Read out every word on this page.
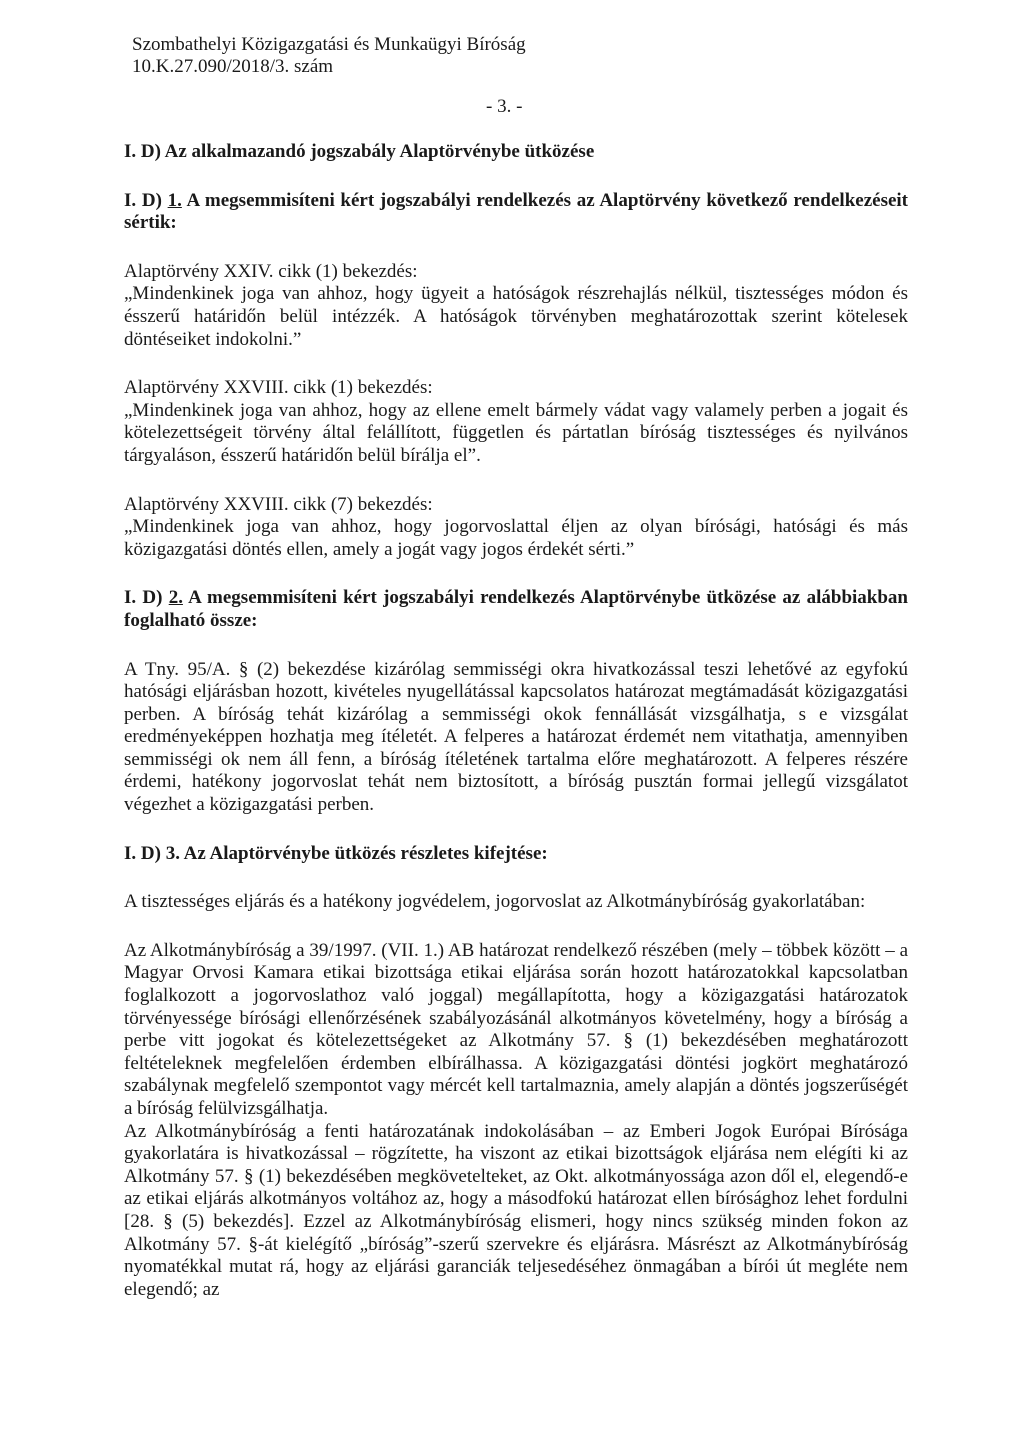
Szombathelyi Közigazgatási és Munkaügyi Bíróság
10.K.27.090/2018/3. szám
- 3. -

I. D) Az alkalmazandó jogszabály Alaptörvénybe ütközése

I. D) 1. A megsemmisíteni kért jogszabályi rendelkezés az Alaptörvény következő rendelkezéseit sértik:

Alaptörvény XXIV. cikk (1) bekezdés:

„Mindenkinek joga van ahhoz, hogy ügyeit a hatóságok részrehajlás nélkül, tisztességes módon és ésszerű határidőn belül intézzék. A hatóságok törvényben meghatározottak szerint kötelesek döntéseiket indokolni.”

Alaptörvény XXVIII. cikk (1) bekezdés:

„Mindenkinek joga van ahhoz, hogy az ellene emelt bármely vádat vagy valamely perben a jogait és kötelezettségeit törvény által felállított, független és pártatlan bíróság tisztességes és nyilvános tárgyaláson, ésszerű határidőn belül bírálja el”.

Alaptörvény XXVIII. cikk (7) bekezdés:

„Mindenkinek joga van ahhoz, hogy jogorvoslattal éljen az olyan bírósági, hatósági és más közigazgatási döntés ellen, amely a jogát vagy jogos érdekét sérti.”

I. D) 2. A megsemmisíteni kért jogszabályi rendelkezés Alaptörvénybe ütközése az alábbiakban foglalható össze:

A Tny. 95/A. § (2) bekezdése kizárólag semmisségi okra hivatkozással teszi lehetővé az egyfokú hatósági eljárásban hozott, kivételes nyugellátással kapcsolatos határozat megtámadását közigazgatási perben. A bíróság tehát kizárólag a semmisségi okok fennállását vizsgálhatja, s e vizsgálat eredményeképpen hozhatja meg ítéletét. A felperes a határozat érdemét nem vitathatja, amennyiben semmisségi ok nem áll fenn, a bíróság ítéletének tartalma előre meghatározott. A felperes részére érdemi, hatékony jogorvoslat tehát nem biztosított, a bíróság pusztán formai jellegű vizsgálatot végezhet a közigazgatási perben.

I. D) 3. Az Alaptörvénybe ütközés részletes kifejtése:

A tisztességes eljárás és a hatékony jogvédelem, jogorvoslat az Alkotmánybíróság gyakorlatában:

Az Alkotmánybíróság a 39/1997. (VII. 1.) AB határozat rendelkező részében (mely – többek között – a Magyar Orvosi Kamara etikai bizottsága etikai eljárása során hozott határozatokkal kapcsolatban foglalkozott a jogorvoslathoz való joggal) megállapította, hogy a közigazgatási határozatok törvényessége bírósági ellenőrzésének szabályozásánál alkotmányos követelmény, hogy a bíróság a perbe vitt jogokat és kötelezettségeket az Alkotmány 57. § (1) bekezdésében meghatározott feltételeknek megfelelően érdemben elbírálhassa. A közigazgatási döntési jogkört meghatározó szabálynak megfelelő szempontot vagy mércét kell tartalmaznia, amely alapján a döntés jogszerűségét a bíróság felülvizsgálhatja.

Az Alkotmánybíróság a fenti határozatának indokolásában – az Emberi Jogok Európai Bírósága gyakorlatára is hivatkozással – rögzítette, ha viszont az etikai bizottságok eljárása nem elégíti ki az Alkotmány 57. § (1) bekezdésében megkövetelteket, az Okt. alkotmányossága azon dől el, elegendő-e az etikai eljárás alkotmányos voltához az, hogy a másodfokú határozat ellen bírósághoz lehet fordulni [28. § (5) bekezdés]. Ezzel az Alkotmánybíróság elismeri, hogy nincs szükség minden fokon az Alkotmány 57. §-át kielégítő „bíróság”-szerű szervekre és eljárásra. Másrészt az Alkotmánybíróság nyomatékkal mutat rá, hogy az eljárási garanciák teljesedéséhez önmagában a bírói út megléte nem elegendő; az
